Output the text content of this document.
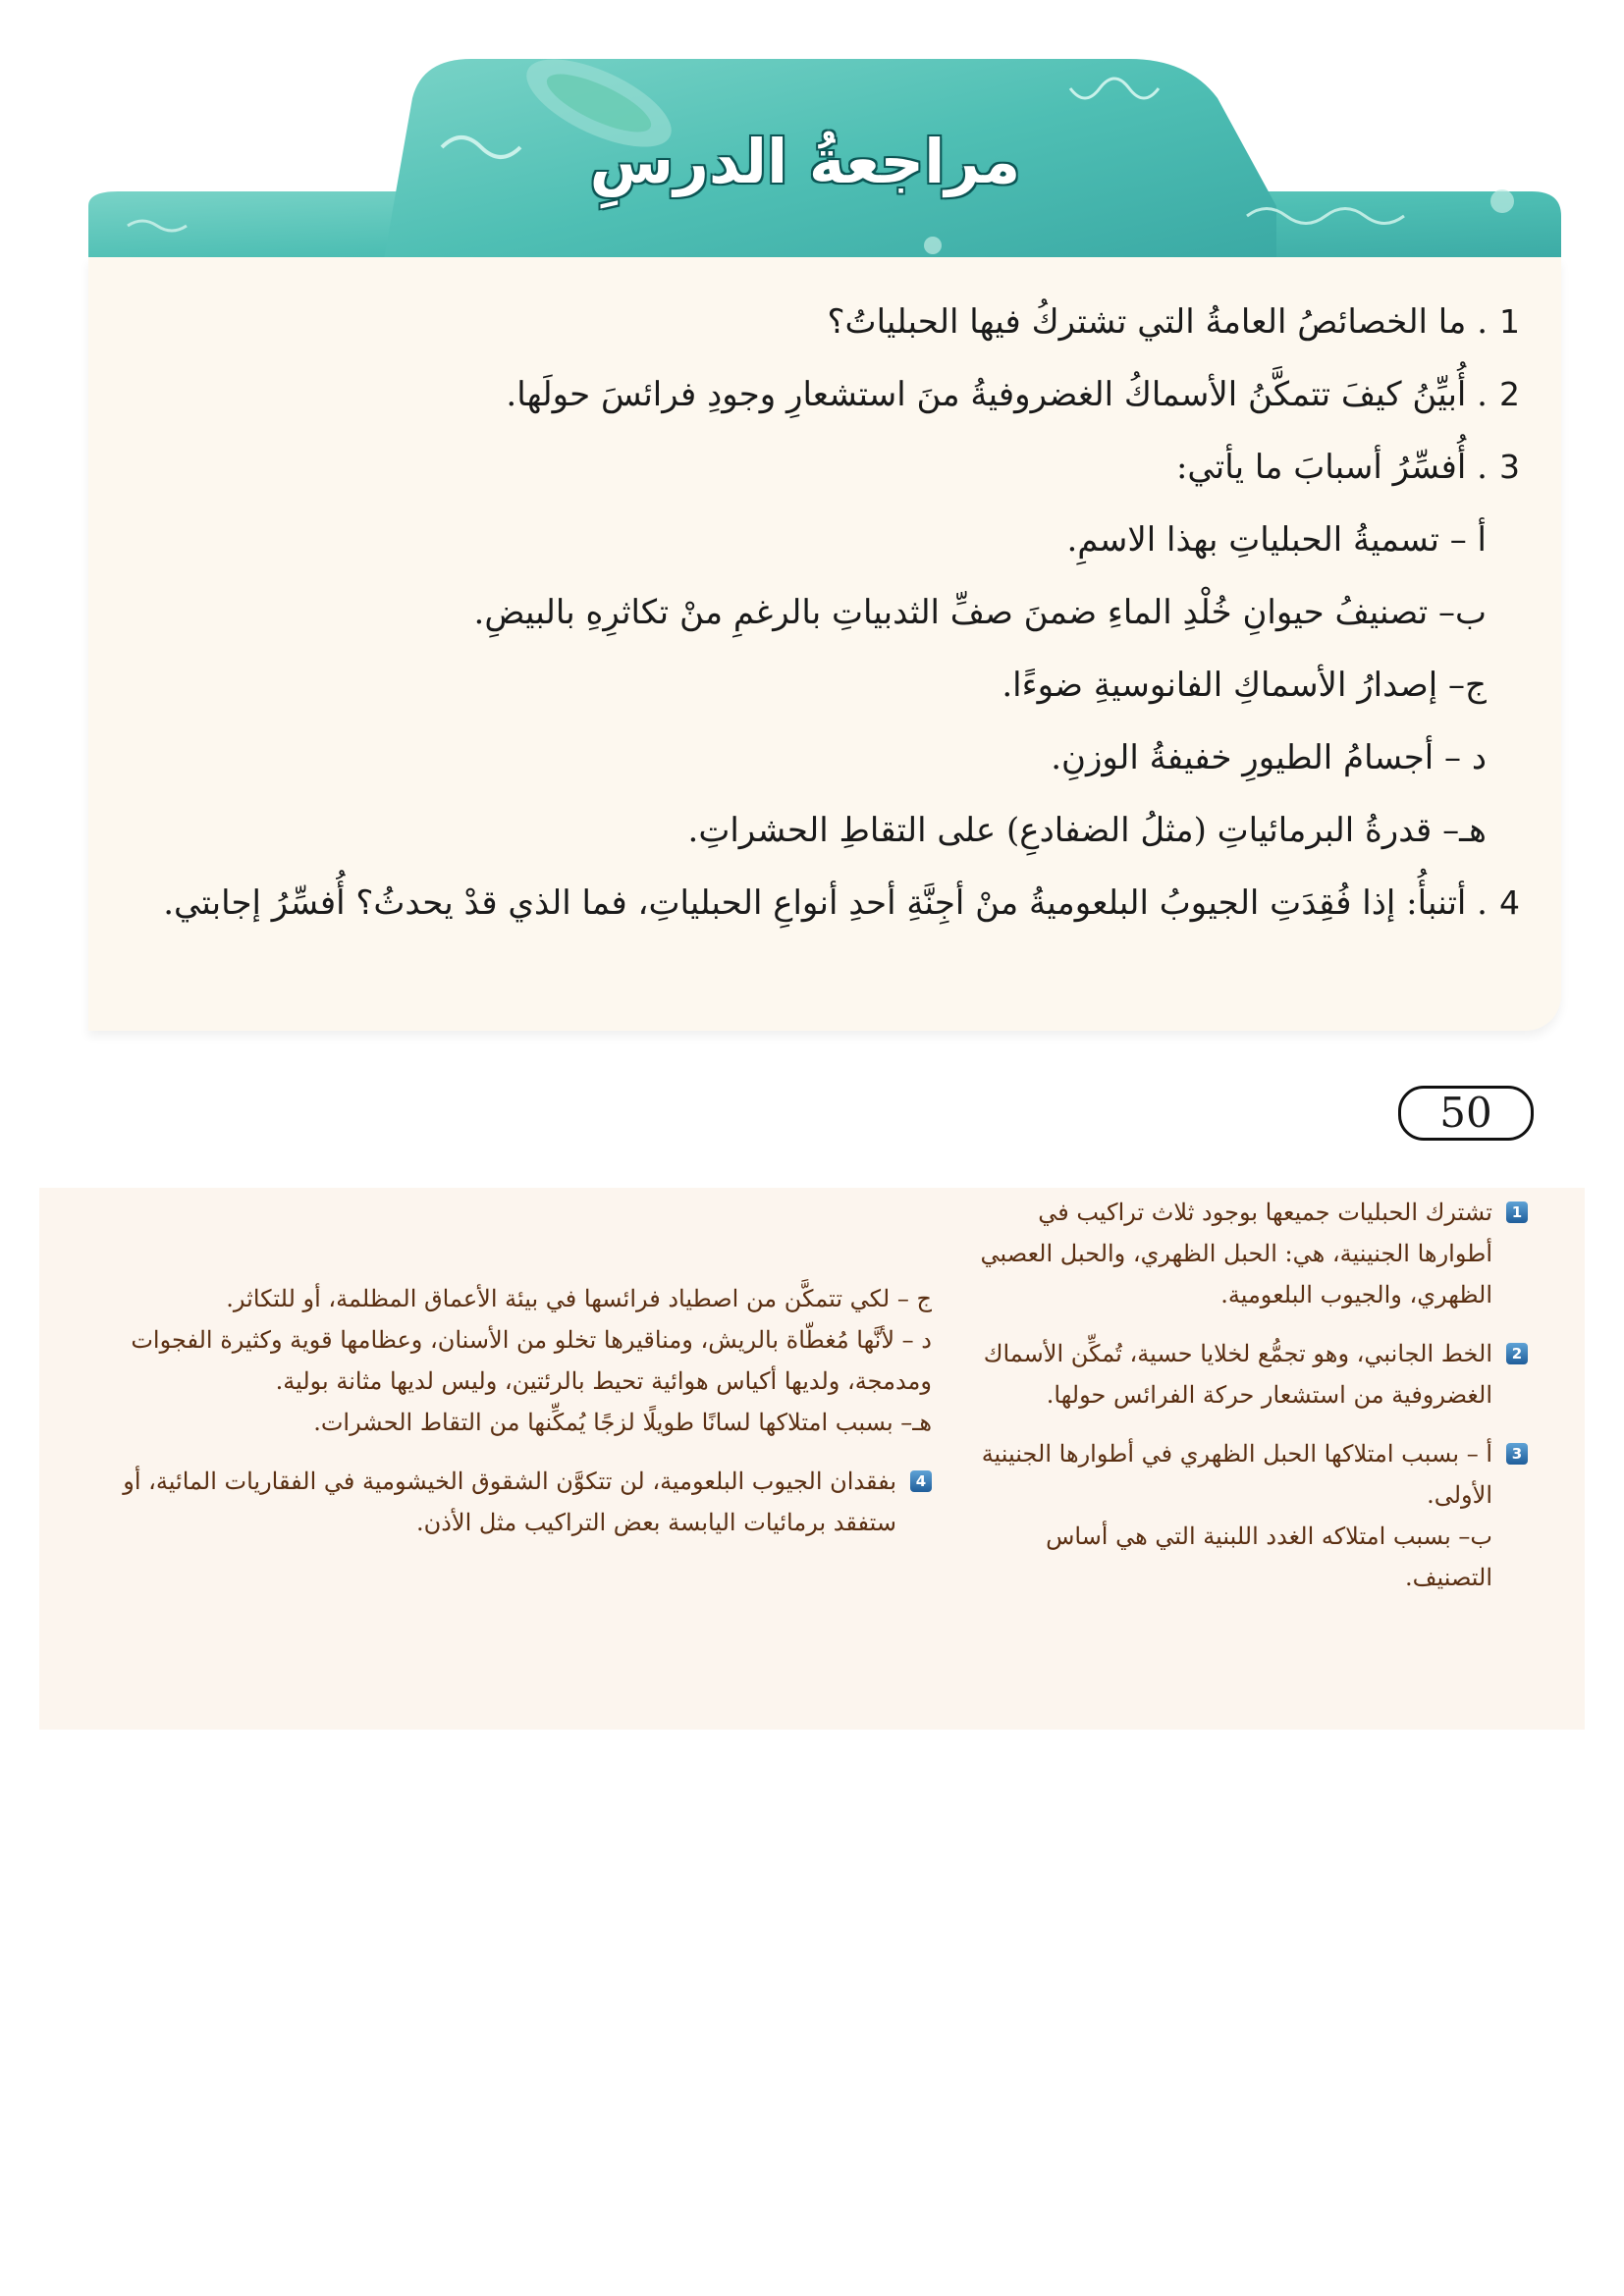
مراجعةُ الدرسِ
1
. ما الخصائصُ العامةُ التي تشتركُ فيها الحبلياتُ؟
2
. أُبيِّنُ كيفَ تتمكَّنُ الأسماكُ الغضروفيةُ منَ استشعارِ وجودِ فرائسَ حولَها.
3
. أُفسِّرُ أسبابَ ما يأتي:
أ – تسميةُ الحبلياتِ بهذا الاسمِ.
ب– تصنيفُ حيوانِ خُلْدِ الماءِ ضمنَ صفِّ الثدبياتِ بالرغمِ منْ تكاثرِهِ بالبيضِ.
ج– إصدارُ الأسماكِ الفانوسيةِ ضوءًا.
د – أجسامُ الطيورِ خفيفةُ الوزنِ.
هـ– قدرةُ البرمائياتِ (مثلُ الضفادعِ) على التقاطِ الحشراتِ.
4
. أتنبأُ: إذا فُقِدَتِ الجيوبُ البلعوميةُ منْ أجِنَّةِ أحدِ أنواعِ الحبلياتِ، فما الذي قدْ يحدثُ؟ أُفسِّرُ إجابتي.
50
1
تشترك الحبليات جميعها بوجود ثلاث تراكيب في أطوارها الجنينية، هي: الحبل الظهري، والحبل العصبي الظهري، والجيوب البلعومية.
2
الخط الجانبي، وهو تجمُّع لخلايا حسية، تُمكِّن الأسماك الغضروفية من استشعار حركة الفرائس حولها.
3
أ – بسبب امتلاكها الحبل الظهري في أطوارها الجنينية الأولى.
ب– بسبب امتلاكه الغدد اللبنية التي هي أساس التصنيف.
ج – لكي تتمكَّن من اصطياد فرائسها في بيئة الأعماق المظلمة، أو للتكاثر.
د – لأنَّها مُغطّاة بالريش، ومناقيرها تخلو من الأسنان، وعظامها قوية وكثيرة الفجوات ومدمجة، ولديها أكياس هوائية تحيط بالرئتين، وليس لديها مثانة بولية.
هـ– بسبب امتلاكها لسانًا طويلًا لزجًا يُمكِّنها من التقاط الحشرات.
4
بفقدان الجيوب البلعومية، لن تتكوَّن الشقوق الخيشومية في الفقاريات المائية، أو ستفقد برمائيات اليابسة بعض التراكيب مثل الأذن.
